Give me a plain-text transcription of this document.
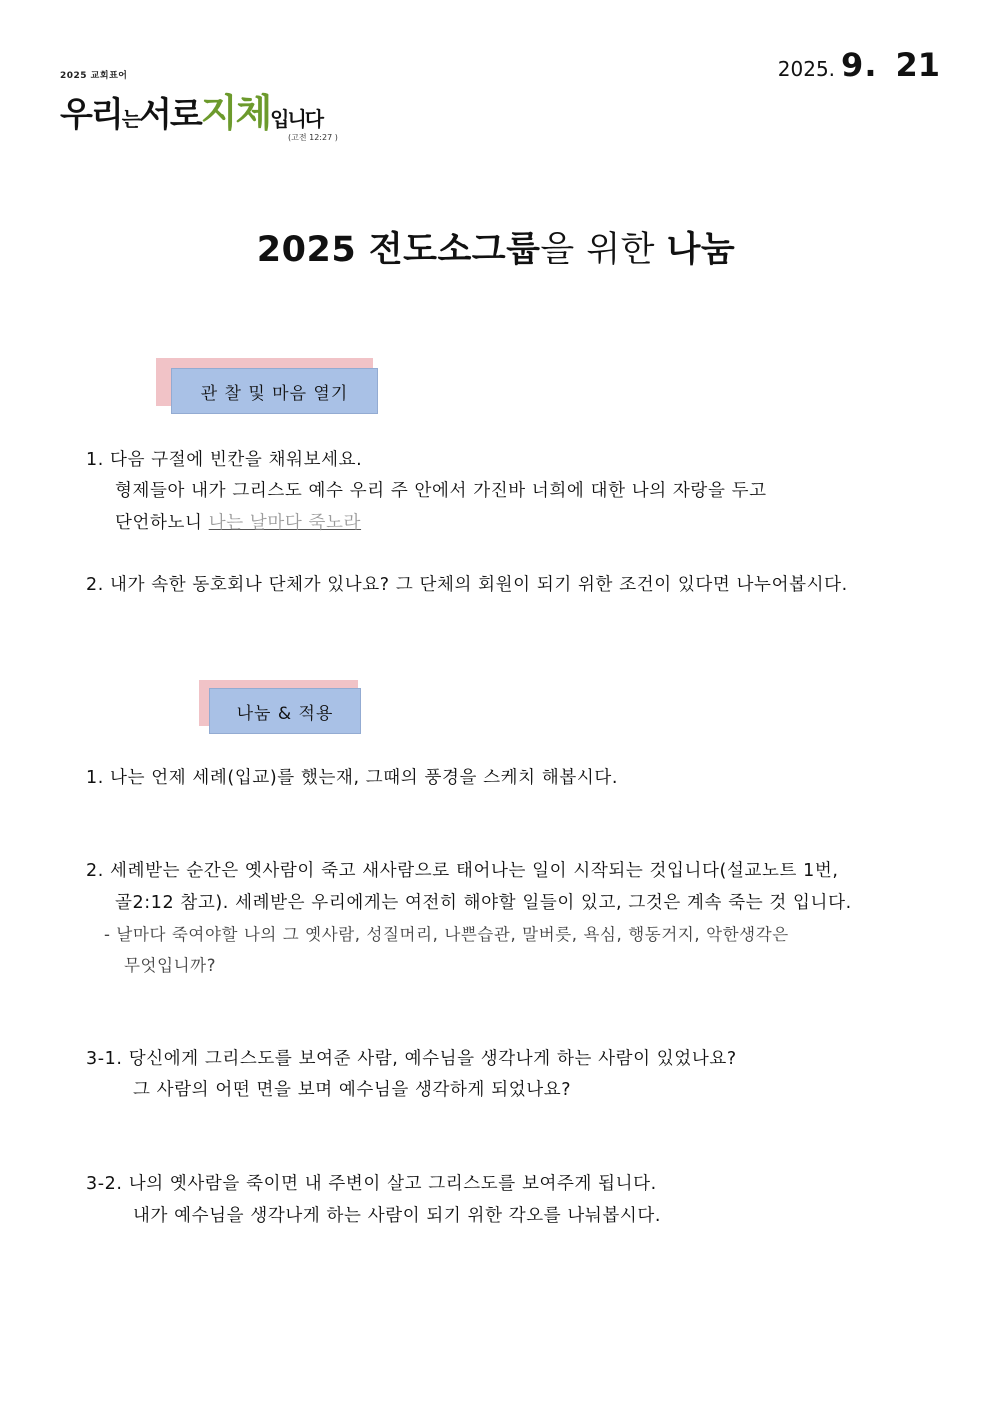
2025 교회표어
우리는서로지체입니다
(고전 12:27 )
2025. 9. 21
2025 전도소그룹을 위한 나눔
관 찰 및 마음 열기
1. 다음 구절에 빈칸을 채워보세요.
형제들아 내가 그리스도 예수 우리 주 안에서 가진바 너희에 대한 나의 자랑을 두고
단언하노니 나는 날마다 죽노라
2. 내가 속한 동호회나 단체가 있나요? 그 단체의 회원이 되기 위한 조건이 있다면 나누어봅시다.
나눔 & 적용
1. 나는 언제 세례(입교)를 했는재, 그때의 풍경을 스케치 해봅시다.
2. 세례받는 순간은 옛사람이 죽고 새사람으로 태어나는 일이 시작되는 것입니다(설교노트 1번,
골2:12 참고). 세례받은 우리에게는 여전히 해야할 일들이 있고, 그것은 계속 죽는 것 입니다.
- 날마다 죽여야할 나의 그 옛사람, 성질머리, 나쁜습관, 말버릇, 욕심, 행동거지, 악한생각은
무엇입니까?
3-1. 당신에게 그리스도를 보여준 사람, 예수님을 생각나게 하는 사람이 있었나요?
그 사람의 어떤 면을 보며 예수님을 생각하게 되었나요?
3-2. 나의 옛사람을 죽이면 내 주변이 살고 그리스도를 보여주게 됩니다.
내가 예수님을 생각나게 하는 사람이 되기 위한 각오를 나눠봅시다.
